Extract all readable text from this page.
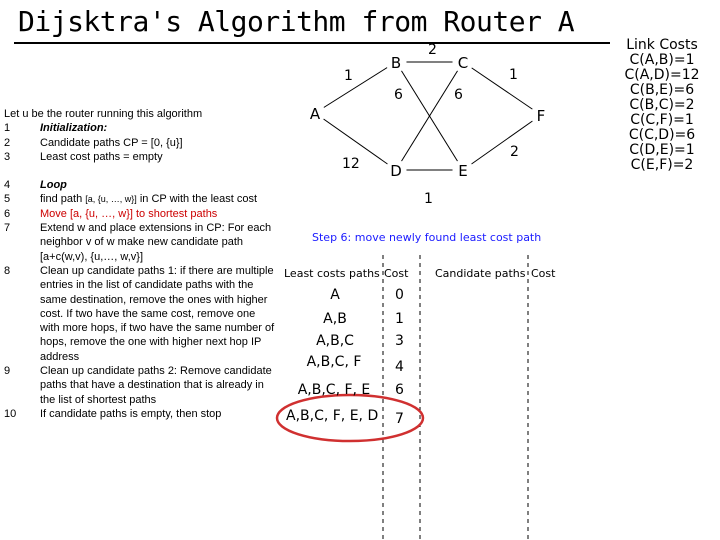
Dijsktra's Algorithm from Router A
Link Costs
C(A,B)=1
C(A,D)=12
C(B,E)=6
C(B,C)=2
C(C,F)=1
C(C,D)=6
C(D,E)=1
C(E,F)=2
A
B	C
D	E
F
1
2
1
6	6
12
2
1
Let u be the router running this algorithm
1	Initialization:
2	Candidate paths CP = [0, {u}]
3	Least cost paths = empty
4	Loop
5	find path [a, {u, …, w}] in CP with the least cost
6	Move [a, {u, …, w}] to shortest paths
7	Extend w and place extensions in CP: For each neighbor v of w make new candidate path [a+c(w,v), {u,…, w,v}]
8	Clean up candidate paths 1: if there are multiple entries in the list of candidate paths with the same destination, remove the ones with higher cost. If two have the same cost, remove one with more hops, if two have the same number of hops, remove the one with higher next hop IP address
9	Clean up candidate paths 2: Remove candidate paths that have a destination that is already in the list of shortest paths
10	If candidate paths is empty, then stop
Step 6: move newly found least cost path
Least costs paths Cost Candidate paths Cost
A	0
A,B	1
A,B,C	3
A,B,C, F	4
A,B,C, F, E	6
A,B,C, F, E, D	7
